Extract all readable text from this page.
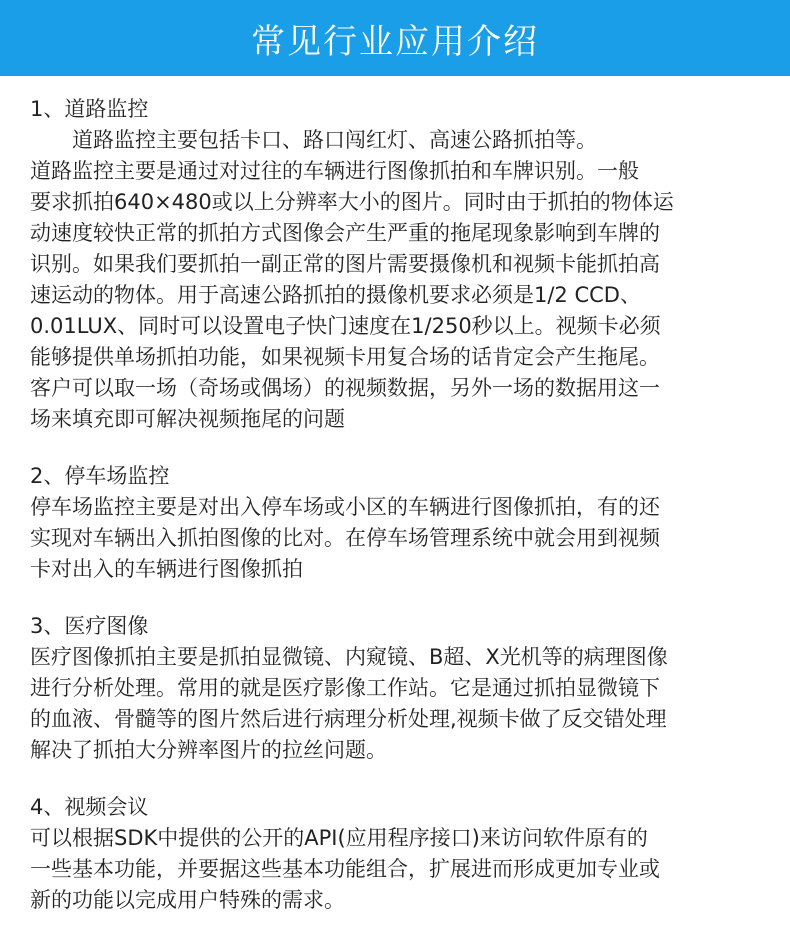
常见行业应用介绍
1、道路监控
道路监控主要包括卡口、路口闯红灯、高速公路抓拍等。
道路监控主要是通过对过往的车辆进行图像抓拍和车牌识别。一般
要求抓拍640×480或以上分辨率大小的图片。同时由于抓拍的物体运
动速度较快正常的抓拍方式图像会产生严重的拖尾现象影响到车牌的
识别。如果我们要抓拍一副正常的图片需要摄像机和视频卡能抓拍高
速运动的物体。用于高速公路抓拍的摄像机要求必须是1/2 CCD、
0.01LUX、同时可以设置电子快门速度在1/250秒以上。视频卡必须
能够提供单场抓拍功能，如果视频卡用复合场的话肯定会产生拖尾。
客户可以取一场（奇场或偶场）的视频数据，另外一场的数据用这一
场来填充即可解决视频拖尾的问题
2、停车场监控
停车场监控主要是对出入停车场或小区的车辆进行图像抓拍，有的还
实现对车辆出入抓拍图像的比对。在停车场管理系统中就会用到视频
卡对出入的车辆进行图像抓拍
3、医疗图像
医疗图像抓拍主要是抓拍显微镜、内窥镜、B超、X光机等的病理图像
进行分析处理。常用的就是医疗影像工作站。它是通过抓拍显微镜下
的血液、骨髓等的图片然后进行病理分析处理,视频卡做了反交错处理
解决了抓拍大分辨率图片的拉丝问题。
4、视频会议
可以根据SDK中提供的公开的API(应用程序接口)来访问软件原有的
一些基本功能，并要据这些基本功能组合，扩展进而形成更加专业或
新的功能以完成用户特殊的需求。
